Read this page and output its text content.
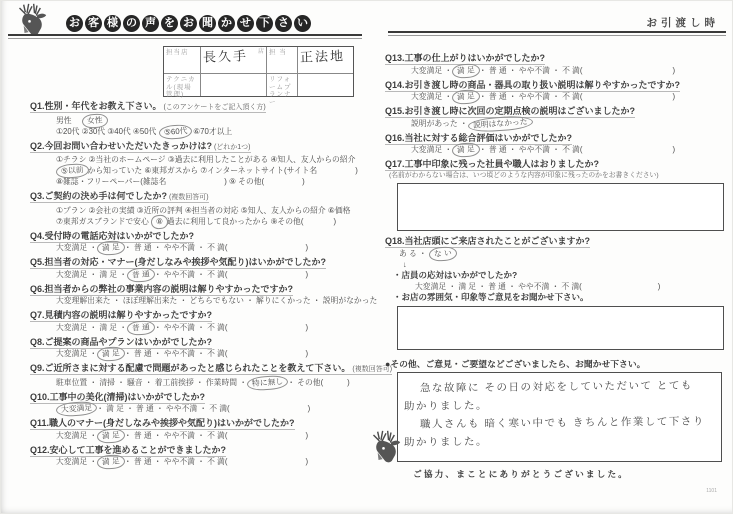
お 客 様 の 声 を お 聞 か せ 下 さ い	お引渡し時
担当店	店
長久手	担 当 正法地
テクニカル(現場管理)
リフォームプランナー
Q1.性別・年代をお教え下さい。 (このアンケートをご記入頂く方)
男性 女性
①20代 ②30代 ③40代 ④50代 ⑤60代 ⑥70才以上
Q2.今回お問い合わせいただいたきっかけは? (どれか1つ)
①チラシ ②当社のホームページ ③過去に利用したことがある ④知人、友人からの紹介
⑤以前 から知っていた ⑥東邦ガスから ⑦インターネットサイト(サイト名	)
⑧雑誌・フリーペーパー(雑誌名	) ⑨ その他(	)
Q3.ご契約の決め手は何でしたか? (複数回答可)
①プラン ②会社の実績 ③近所の評判 ④担当者の対応 ⑤知人、友人からの紹介 ⑥価格
⑦東邦ガスブランドで安心 ⑧ 過去に利用して良かったから ⑨その他(	)
Q4.受付時の電話応対はいかがでしたか?
大変満足 ・ 満 足 ・ 普 通 ・ やや不満 ・ 不 満(	)
Q5.担当者の対応・マナー(身だしなみや挨拶や気配り)はいかがでしたか?
大変満足 ・ 満 足 ・ 普 通 ・ やや不満 ・ 不 満(	)
Q6.担当者からの弊社の事業内容の説明は解りやすかったですか?
大変理解出来た ・ ほぼ理解出来た ・ どちらでもない ・ 解りにくかった ・ 説明がなかった
Q7.見積内容の説明は解りやすかったですか?
大変満足 ・ 満 足 ・ 普 通 ・ やや不満 ・ 不 満(	)
Q8.ご提案の商品やプランはいかがでしたか?
大変満足 ・ 満 足 ・ 普 通 ・ やや不満 ・ 不 満(	)
Q9.ご近所さまに対する配慮で問題があったと感じられたことを教えて下さい。 (複数回答可)
駐車位置 ・ 清掃 ・ 騒音 ・ 着工前挨拶 ・ 作業時間 ・ 特に無し ・ その他(	)
Q10.工事中の美化(清掃)はいかがでしたか?
大変満足 ・ 満 足 ・ 普 通 ・ やや不満 ・ 不 満(	)
Q11.職人のマナー(身だしなみや挨拶や気配り)はいかがでしたか?
大変満足 ・ 満 足 ・ 普 通 ・ やや不満 ・ 不 満(	)
Q12.安心して工事を進めることができましたか?
大変満足 ・ 満 足 ・ 普 通 ・ やや不満 ・ 不 満(	)
Q13.工事の仕上がりはいかがでしたか?
大変満足 ・ 満 足 ・ 普 通 ・ やや不満 ・ 不 満(	)
Q14.お引き渡し時の商品・器具の取り扱い説明は解りやすかったですか?
大変満足 ・ 満 足 ・ 普 通 ・ やや不満 ・ 不 満(	)
Q15.お引き渡し時に次回の定期点検の説明はございましたか?
説明があった ・ 説明はなかった
Q16.当社に対する総合評価はいかがでしたか?
大変満足 ・ 満 足 ・ 普 通 ・ やや不満 ・ 不 満(	)
Q17.工事中印象に残った社員や職人はおりましたか?
(名前がわからない場合は、いつ頃どのような内容が印象に残ったのかをお書きください)
Q18.当社店頭にご来店されたことがございますか?
あ る ・ な い
↓
・店員の応対はいかがでしたか?
大変満足 ・ 満 足 ・ 普 通 ・ やや不満 ・ 不 満(	)
・お店の雰囲気・印象等ご意見をお聞かせ下さい。
●その他、ご意見・ご要望などございましたら、お聞かせ下さい。
急な故障に その日の対応をしていただいて とても
助かりました。
職人さんも 暗く寒い中でも きちんと作業して下さり
助かりました。
ご協力、まことにありがとうございました。
1101
